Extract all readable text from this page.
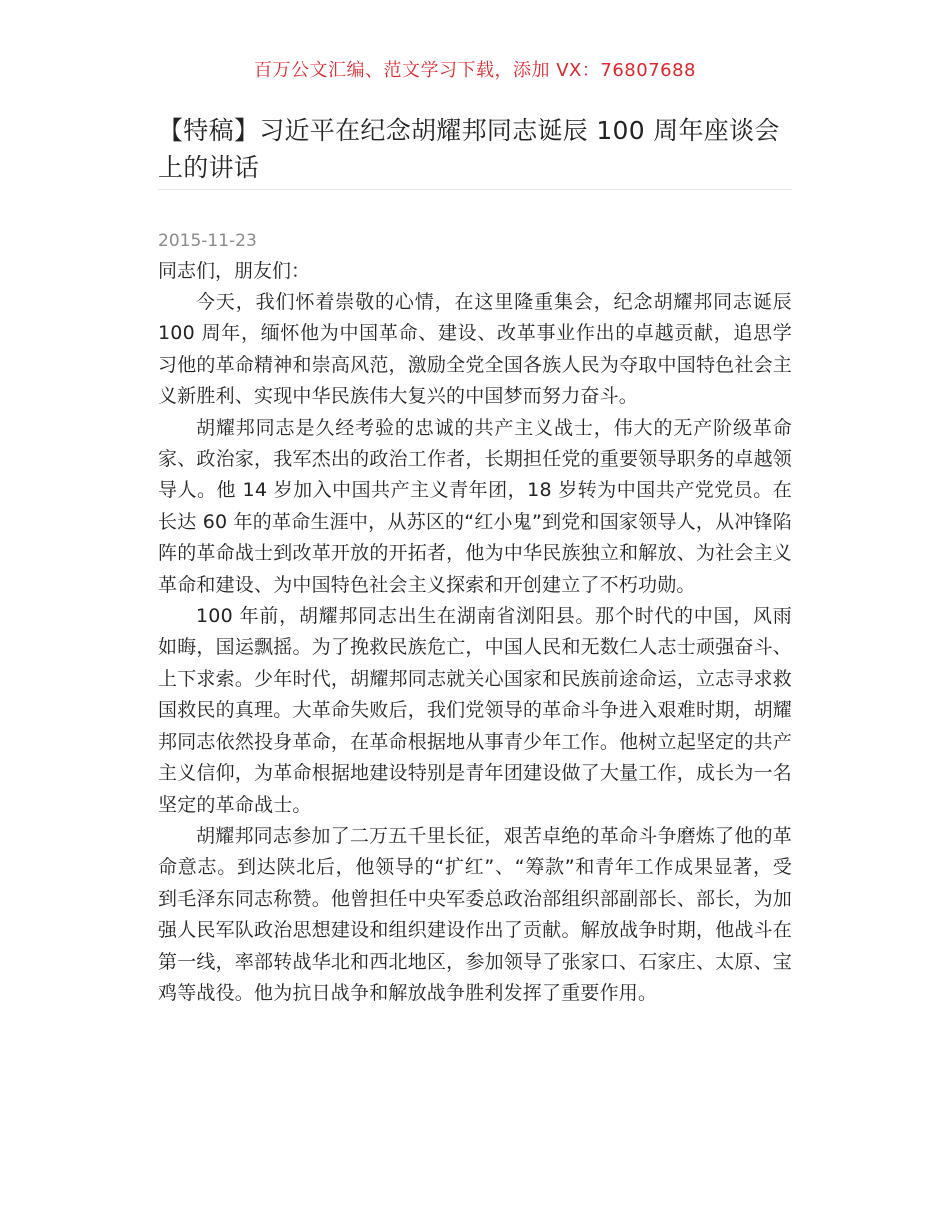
百万公文汇编、范文学习下载，添加 VX：76807688
【特稿】习近平在纪念胡耀邦同志诞辰 100 周年座谈会上的讲话
2015-11-23
同志们，朋友们：

今天，我们怀着崇敬的心情，在这里隆重集会，纪念胡耀邦同志诞辰 100 周年，缅怀他为中国革命、建设、改革事业作出的卓越贡献，追思学习他的革命精神和崇高风范，激励全党全国各族人民为夺取中国特色社会主义新胜利、实现中华民族伟大复兴的中国梦而努力奋斗。

胡耀邦同志是久经考验的忠诚的共产主义战士，伟大的无产阶级革命家、政治家，我军杰出的政治工作者，长期担任党的重要领导职务的卓越领导人。他 14 岁加入中国共产主义青年团，18 岁转为中国共产党党员。在长达 60 年的革命生涯中，从苏区的“红小鬼”到党和国家领导人，从冲锋陷阵的革命战士到改革开放的开拓者，他为中华民族独立和解放、为社会主义革命和建设、为中国特色社会主义探索和开创建立了不朽功勋。

100 年前，胡耀邦同志出生在湖南省浏阳县。那个时代的中国，风雨如晦，国运飘摇。为了挽救民族危亡，中国人民和无数仁人志士顽强奋斗、上下求索。少年时代，胡耀邦同志就关心国家和民族前途命运，立志寻求救国救民的真理。大革命失败后，我们党领导的革命斗争进入艰难时期，胡耀邦同志依然投身革命，在革命根据地从事青少年工作。他树立起坚定的共产主义信仰，为革命根据地建设特别是青年团建设做了大量工作，成长为一名坚定的革命战士。

胡耀邦同志参加了二万五千里长征，艰苦卓绝的革命斗争磨炼了他的革命意志。到达陕北后，他领导的“扩红”、“筹款”和青年工作成果显著，受到毛泽东同志称赞。他曾担任中央军委总政治部组织部副部长、部长，为加强人民军队政治思想建设和组织建设作出了贡献。解放战争时期，他战斗在第一线，率部转战华北和西北地区，参加领导了张家口、石家庄、太原、宝鸡等战役。他为抗日战争和解放战争胜利发挥了重要作用。
